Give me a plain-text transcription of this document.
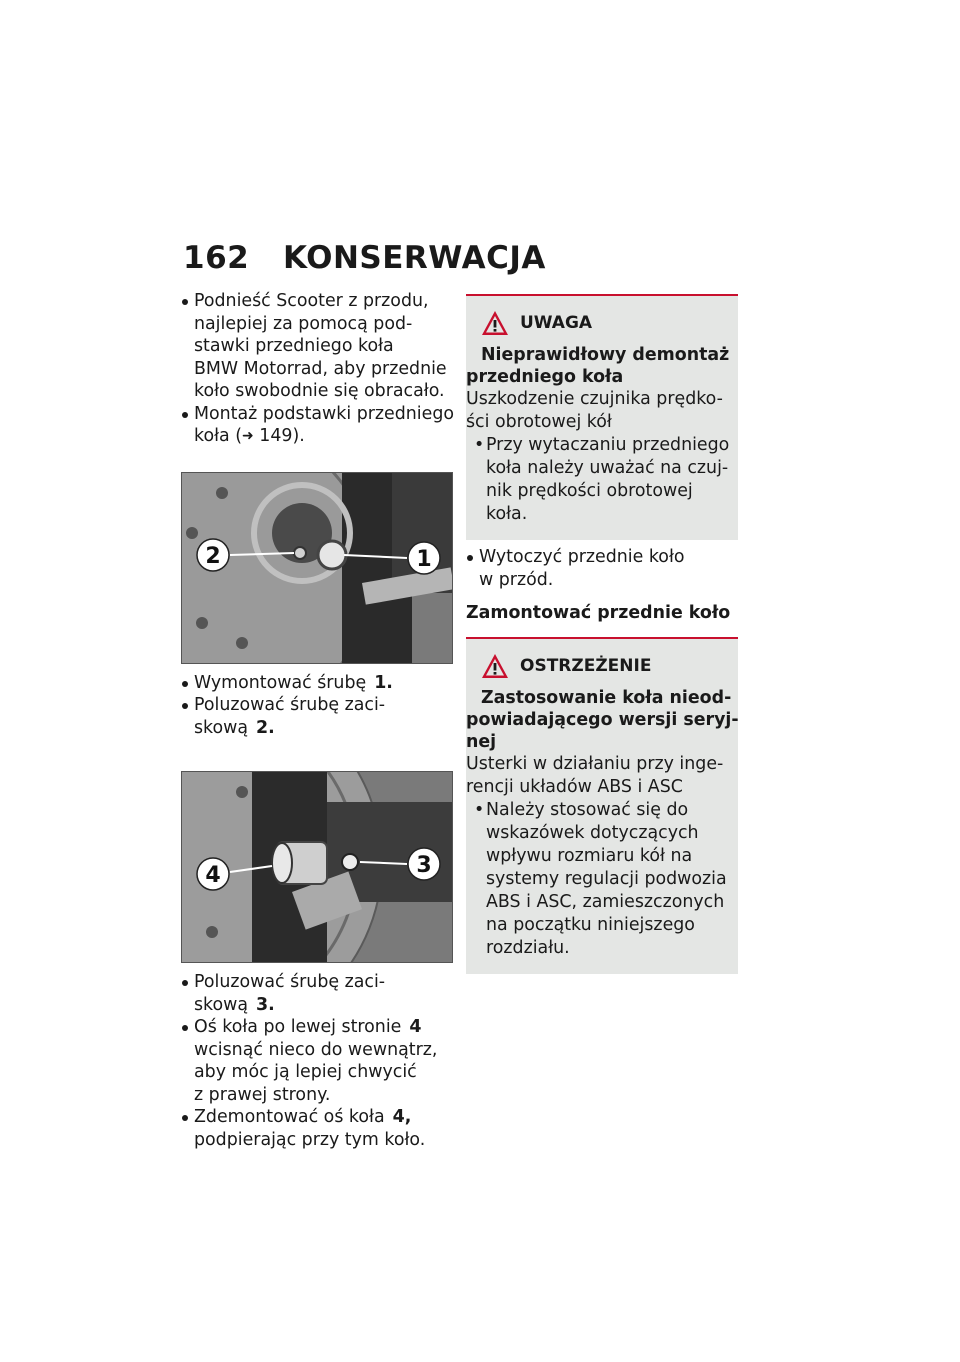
162	KONSERWACJA
Podnieść Scooter z przodu,
najlepiej za pomocą pod-
stawki przedniego koła
BMW Motorrad, aby przednie
koło swobodnie się obracało.
Montaż podstawki przedniego
koła (➜ 149).
2	1
Wymontować śrubę 1.
Poluzować śrubę zaci-
skową 2.
4	3
Poluzować śrubę zaci-
skową 3.
Oś koła po lewej stronie 4
wcisnąć nieco do wewnątrz,
aby móc ją lepiej chwycić
z prawej strony.
Zdemontować oś koła 4,
podpierając przy tym koło.
UWAGA
Nieprawidłowy demontaż
przedniego koła
Uszkodzenie czujnika prędko-
ści obrotowej kół
• Przy wytaczaniu przedniego
koła należy uważać na czuj-
nik prędkości obrotowej
koła.
Wytoczyć przednie koło
w przód.
Zamontować przednie koło
OSTRZEŻENIE
Zastosowanie koła nieod-
powiadającego wersji seryj-
nej
Usterki w działaniu przy inge-
rencji układów ABS i ASC
• Należy stosować się do
wskazówek dotyczących
wpływu rozmiaru kół na
systemy regulacji podwozia
ABS i ASC, zamieszczonych
na początku niniejszego
rozdziału.
